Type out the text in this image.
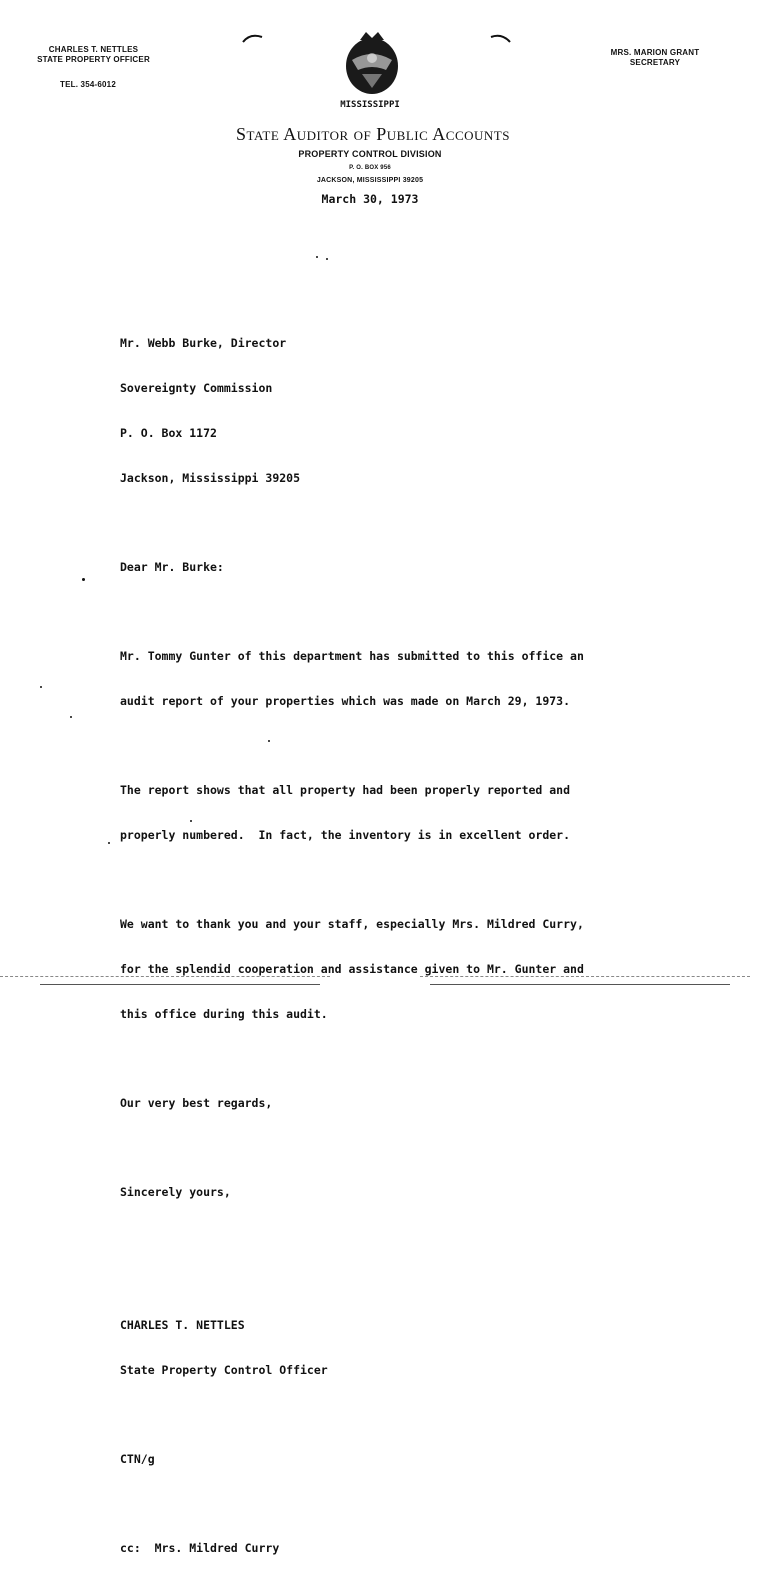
CHARLES T. NETTLES
STATE PROPERTY OFFICER
TEL. 354-6012
MRS. MARION GRANT
SECRETARY
MISSISSIPPI
State Auditor of Public Accounts
PROPERTY CONTROL DIVISION
P. O. BOX 956
JACKSON, MISSISSIPPI 39205
March 30, 1973

Mr. Webb Burke, Director

Sovereignty Commission

P. O. Box 1172

Jackson, Mississippi 39205

Dear Mr. Burke:

Mr. Tommy Gunter of this department has submitted to this office an

audit report of your properties which was made on March 29, 1973.

The report shows that all property had been properly reported and

properly numbered.  In fact, the inventory is in excellent order.

We want to thank you and your staff, especially Mrs. Mildred Curry,

for the splendid cooperation and assistance given to Mr. Gunter and

this office during this audit.

Our very best regards,

Sincerely yours,

CHARLES T. NETTLES

State Property Control Officer

CTN/g

cc:  Mrs. Mildred Curry
